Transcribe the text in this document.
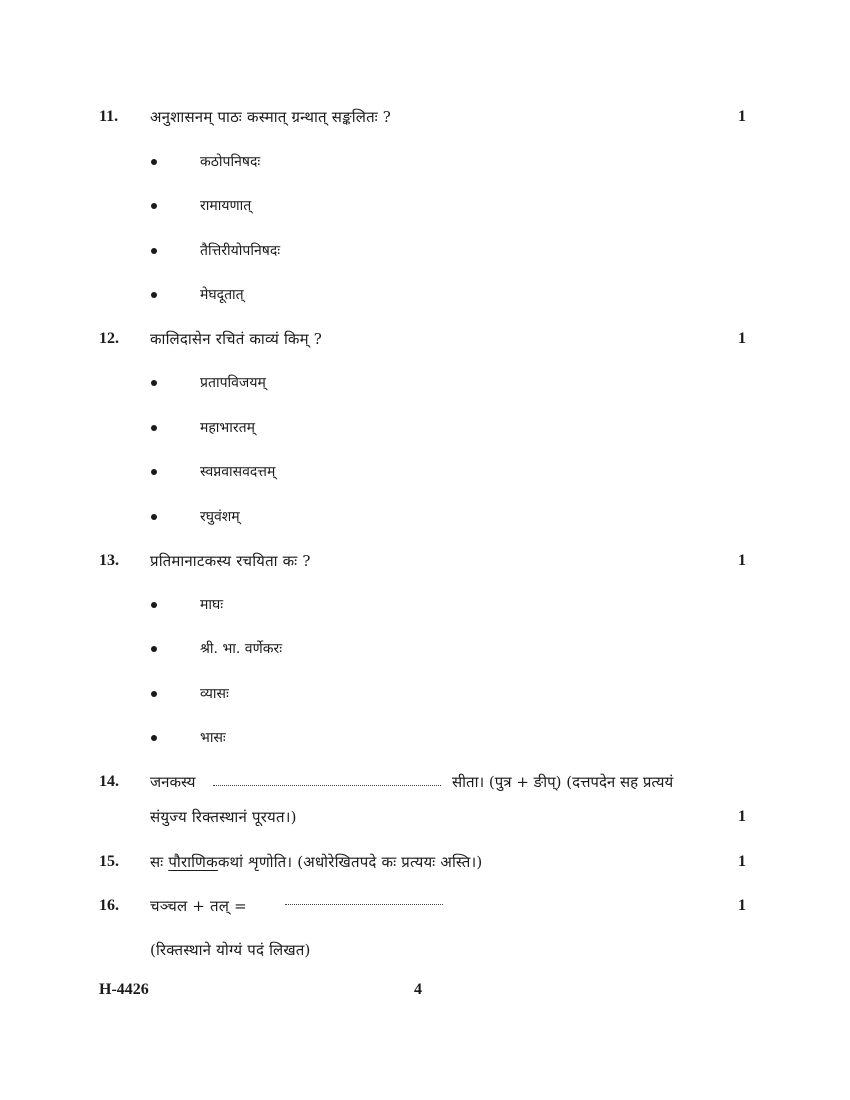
11. अनुशासनम् पाठः कस्मात् ग्रन्थात् सङ्कलितः ?	1
कठोपनिषदः
रामायणात्
तैत्तिरीयोपनिषदः
मेघदूतात्
12. कालिदासेन रचितं काव्यं किम् ?	1
प्रतापविजयम्
महाभारतम्
स्वप्नवासवदत्तम्
रघुवंशम्
13. प्रतिमानाटकस्य रचयिता कः ?	1
माघः
श्री. भा. वर्णेकरः
व्यासः
भासः
14. जनकस्य	सीता। (पुत्र + ङीप्) (दत्तपदेन सह प्रत्ययं
संयुज्य रिक्तस्थानं पूरयत।)	1
15. सः पौराणिककथां शृणोति। (अधोरेखितपदे कः प्रत्ययः अस्ति।)	1
16. चञ्चल + तल् =	1
(रिक्तस्थाने योग्यं पदं लिखत)
H-4426	4
